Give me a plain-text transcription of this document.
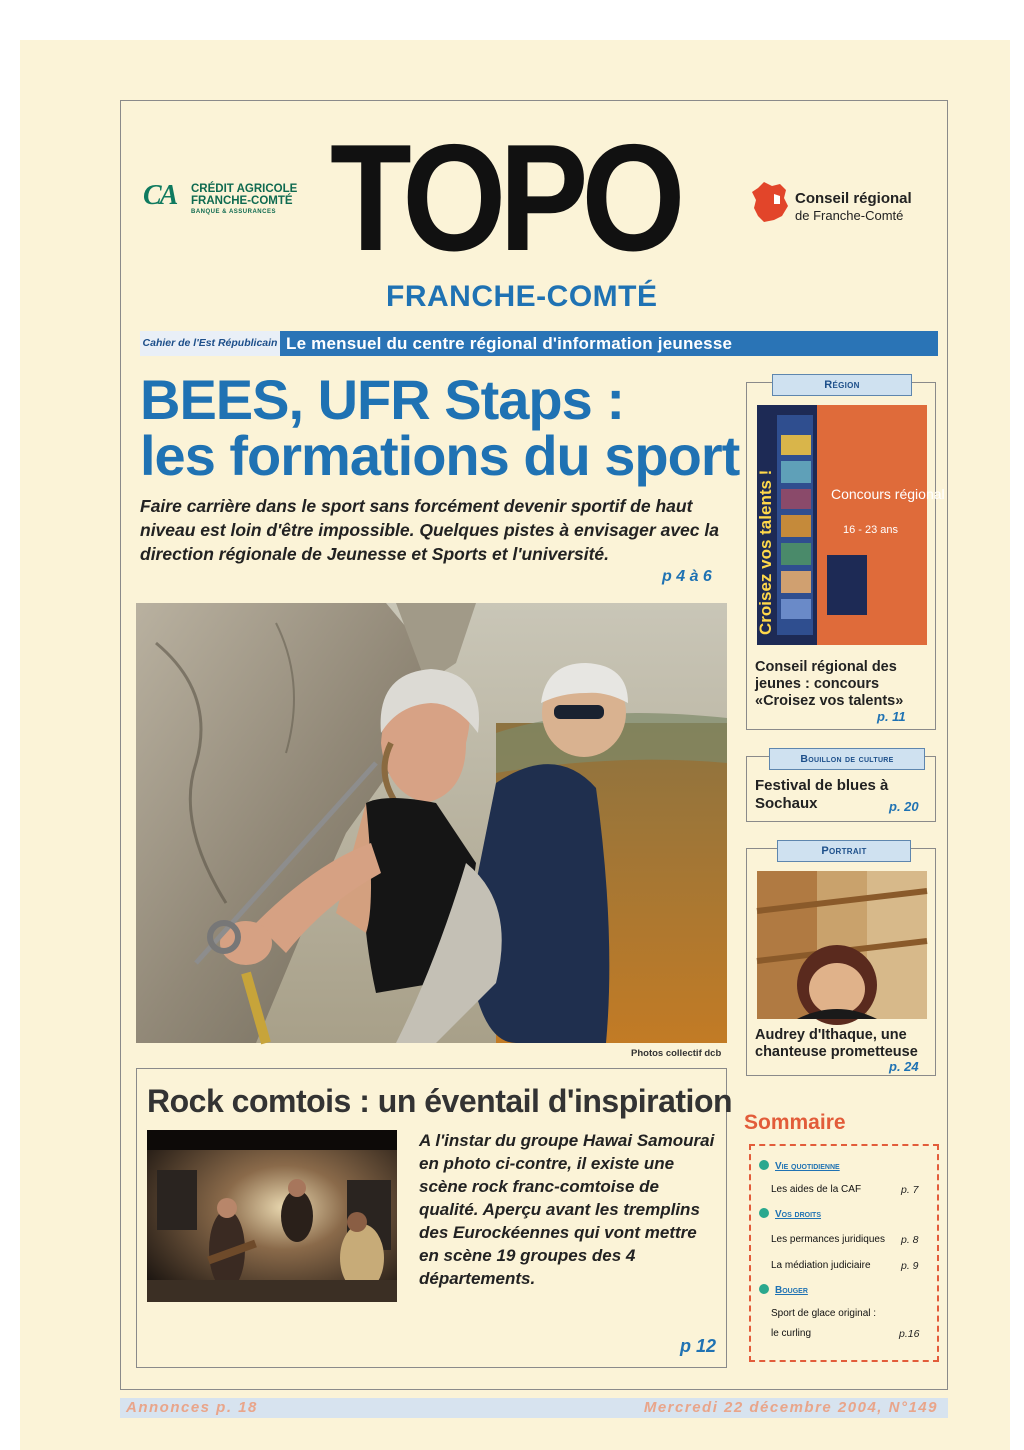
CA	CRÉDIT AGRICOLE
FRANCHE-COMTÉ
BANQUE & ASSURANCES TOPO
FRANCHE-COMTÉ
Conseil régional
de Franche-Comté
Cahier de l'Est Républicain Le mensuel du centre régional d'information jeunesse
BEES, UFR Staps :
les formations du sport
Faire carrière dans le sport sans forcément devenir sportif de haut niveau est loin d'être impossible. Quelques pistes à envisager avec la direction régionale de Jeunesse et Sports et l'université.
p 4 à 6
Photos collectif dcb
Rock comtois : un éventail d'inspiration
A l'instar du groupe Hawai Samourai en photo ci-contre, il existe une scène rock franc-comtoise de qualité. Aperçu avant les tremplins des Eurockéennes qui vont mettre en scène 19 groupes des 4 départements.
p 12
Région
Croisez vos talents !	Concours régional
16 - 23 ans
Conseil régional des jeunes : concours «Croisez vos talents»
p. 11
Bouillon de culture
Festival de blues à Sochaux	p. 20
Portrait
Audrey d'Ithaque, une chanteuse prometteuse
p. 24
Sommaire
Vie quotidienne
Les aides de la CAF	p. 7
Vos droits
Les permances juridiques p. 8
La médiation judiciaire	p. 9
Bouger
Sport de glace original :
le curling	p.16
Annonces p. 18	Mercredi 22 décembre 2004, N°149
